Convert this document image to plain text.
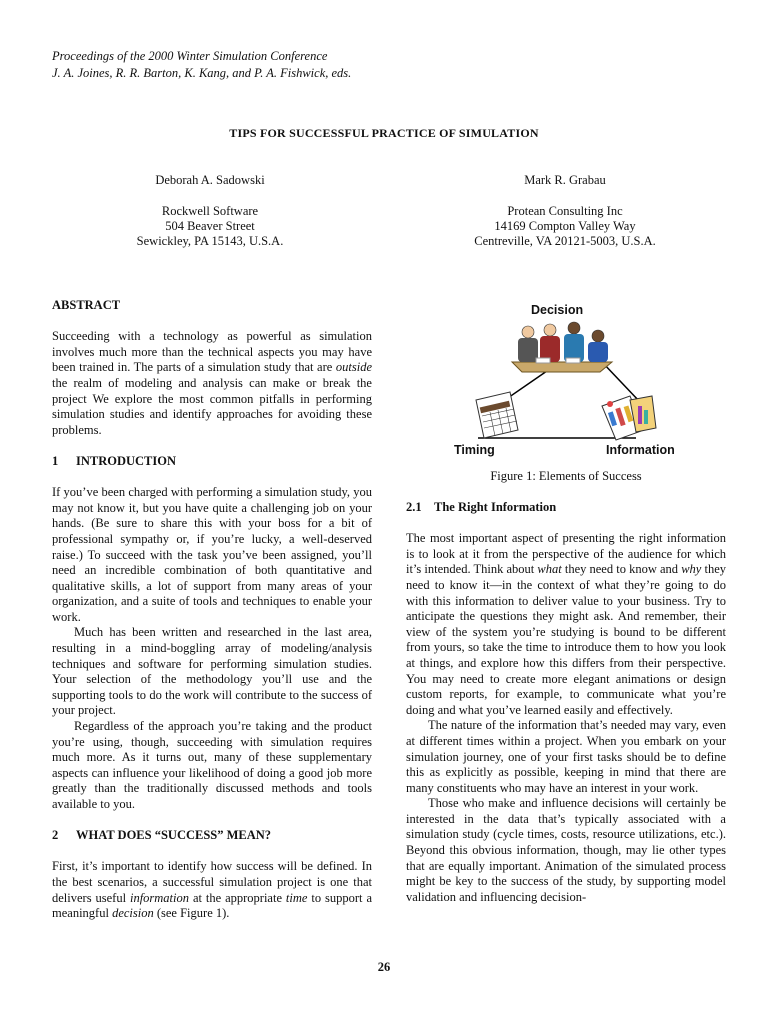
Proceedings of the 2000 Winter Simulation Conference
J. A. Joines, R. R. Barton, K. Kang, and P. A. Fishwick, eds.
TIPS FOR SUCCESSFUL PRACTICE OF SIMULATION
Deborah A. Sadowski
Rockwell Software
504 Beaver Street
Sewickley, PA 15143, U.S.A.
Mark R. Grabau
Protean Consulting Inc
14169 Compton Valley Way
Centreville, VA 20121-5003, U.S.A.
ABSTRACT

Succeeding with a technology as powerful as simulation involves much more than the technical aspects you may have been trained in. The parts of a simulation study that are outside the realm of modeling and analysis can make or break the project We explore the most common pitfalls in performing simulation studies and identify approaches for avoiding these problems.

1 INTRODUCTION

If you’ve been charged with performing a simulation study, you may not know it, but you have quite a challenging job on your hands. (Be sure to share this with your boss for a bit of professional sympathy or, if you’re lucky, a well-deserved raise.) To succeed with the task you’ve been assigned, you’ll need an incredible combination of both quantitative and qualitative skills, a lot of support from many areas of your organization, and a suite of tools and techniques to enable your work.

Much has been written and researched in the last area, resulting in a mind-boggling array of modeling/analysis techniques and software for performing simulation studies. Your selection of the methodology you’ll use and the supporting tools to do the work will contribute to the success of your project.

Regardless of the approach you’re taking and the product you’re using, though, succeeding with simulation requires much more. As it turns out, many of these supplementary aspects can influence your likelihood of doing a good job more greatly than the traditionally discussed methods and tools available to you.

2 WHAT DOES “SUCCESS” MEAN?

First, it’s important to identify how success will be defined. In the best scenarios, a successful simulation project is one that delivers useful information at the appropriate time to support a meaningful decision (see Figure 1).

Decision
Timing	Information
Figure 1: Elements of Success
2.1 The Right Information

The most important aspect of presenting the right information is to look at it from the perspective of the audience for which it’s intended. Think about what they need to know and why they need to know it—in the context of what they’re going to do with this information to deliver value to your business. Try to anticipate the questions they might ask. And remember, their view of the system you’re studying is bound to be different from yours, so take the time to introduce them to how you look at things, and explore how this differs from their perspective. You may need to create more elegant animations or design custom reports, for example, to communicate what you’re doing and what you’ve learned easily and effectively.

The nature of the information that’s needed may vary, even at different times within a project. When you embark on your simulation journey, one of your first tasks should be to define this as explicitly as possible, keeping in mind that there are many constituents who may have an interest in your work.

Those who make and influence decisions will certainly be interested in the data that’s typically associated with a simulation study (cycle times, costs, resource utilizations, etc.). Beyond this obvious information, though, may lie other types that are equally important. Animation of the simulated process might be key to the success of the study, by supporting model validation and influencing decision-

26
